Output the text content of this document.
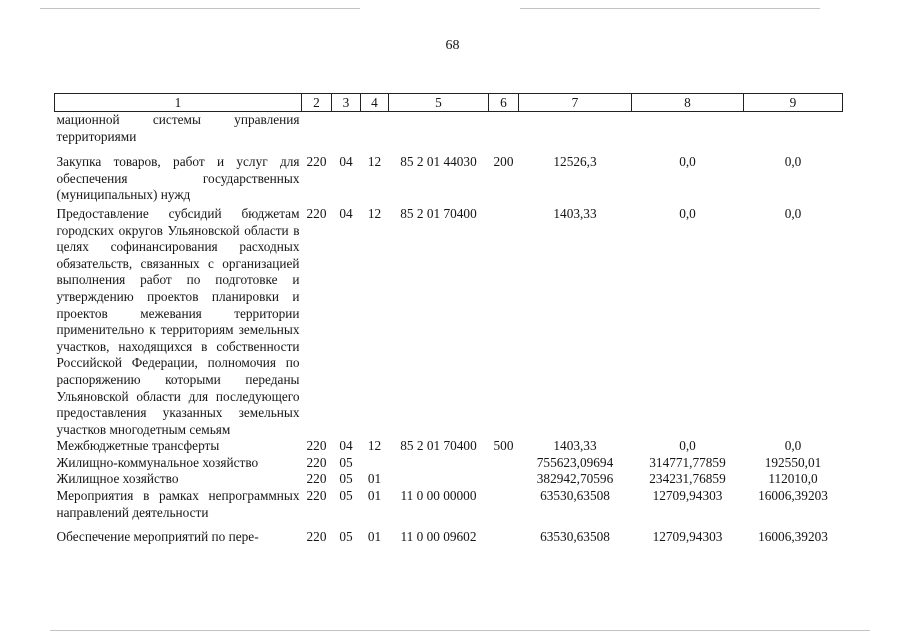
68
1	2	3	4	5	6	7	8	9
мационной системы управления территориями								
Закупка товаров, работ и услуг для обеспечения государственных (муниципальных) нужд	220	04	12	85 2 01 44030	200	12526,3	0,0	0,0
Предоставление субсидий бюджетам городских округов Ульяновской области в целях софинансирования расходных обязательств, связанных с организацией выполнения работ по подготовке и утверждению проектов планировки и проектов межевания территории применительно к территориям земельных участков, находящихся в собственности Российской Федерации, полномочия по распоряжению которыми переданы Ульяновской области для последующего предоставления указанных земельных участков многодетным семьям	220	04	12	85 2 01 70400		1403,33	0,0	0,0
Межбюджетные трансферты	220	04	12	85 2 01 70400	500	1403,33	0,0	0,0
Жилищно-коммунальное хозяйство	220	05				755623,09694	314771,77859	192550,01
Жилищное хозяйство	220	05	01			382942,70596	234231,76859	112010,0
Мероприятия в рамках непрограммных направлений деятельности	220	05	01	11 0 00 00000		63530,63508	12709,94303	16006,39203
Обеспечение мероприятий по пере-	220	05	01	11 0 00 09602		63530,63508	12709,94303	16006,39203
